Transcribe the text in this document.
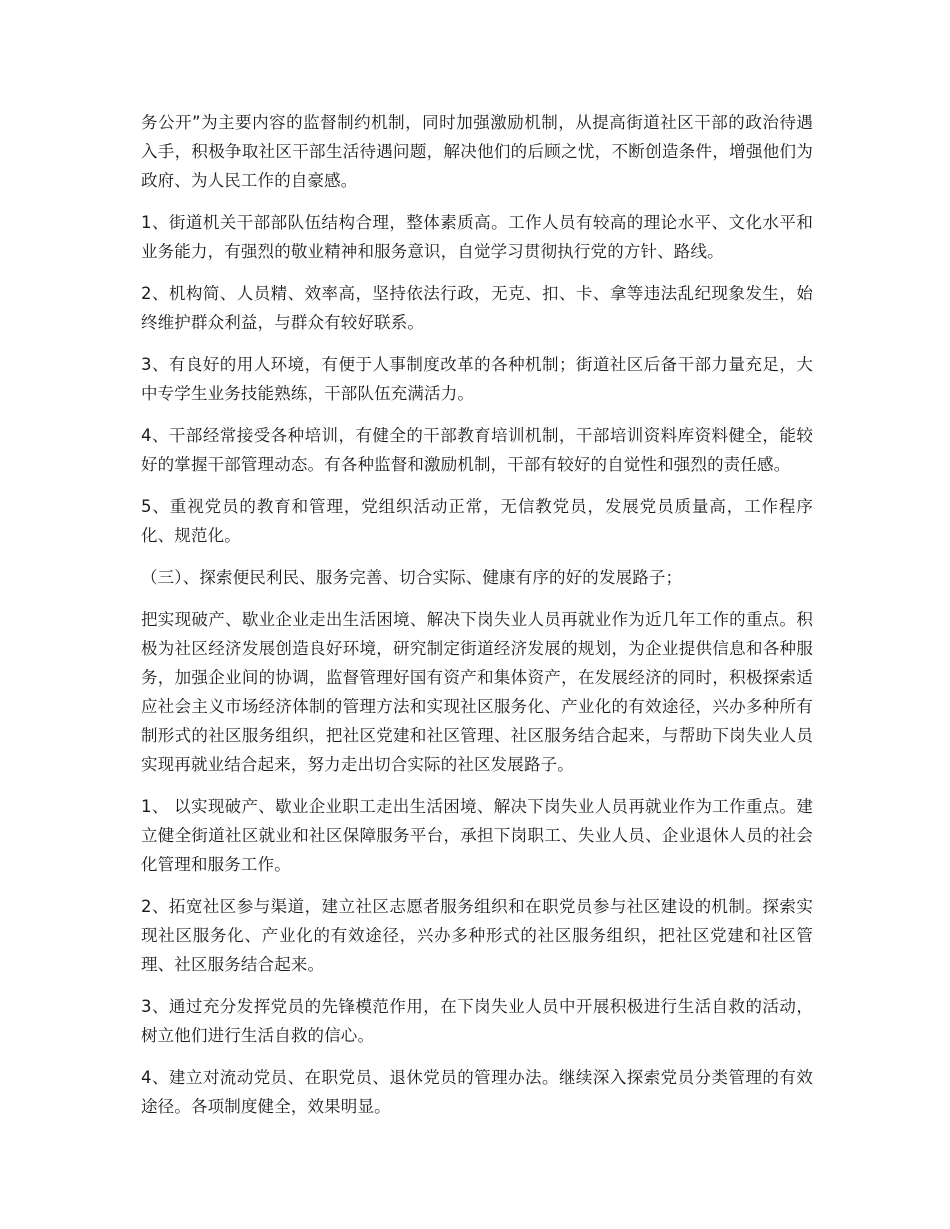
务公开”为主要内容的监督制约机制，同时加强激励机制，从提高街道社区干部的政治待遇入手，积极争取社区干部生活待遇问题，解决他们的后顾之忧，不断创造条件，增强他们为政府、为人民工作的自豪感。

1、街道机关干部部队伍结构合理，整体素质高。工作人员有较高的理论水平、文化水平和业务能力，有强烈的敬业精神和服务意识，自觉学习贯彻执行党的方针、路线。

2、机构简、人员精、效率高，坚持依法行政，无克、扣、卡、拿等违法乱纪现象发生，始终维护群众利益，与群众有较好联系。

3、有良好的用人环境，有便于人事制度改革的各种机制；街道社区后备干部力量充足，大中专学生业务技能熟练，干部队伍充满活力。

4、干部经常接受各种培训，有健全的干部教育培训机制，干部培训资料库资料健全，能较好的掌握干部管理动态。有各种监督和激励机制，干部有较好的自觉性和强烈的责任感。

5、重视党员的教育和管理，党组织活动正常，无信教党员，发展党员质量高，工作程序化、规范化。

（三）、探索便民利民、服务完善、切合实际、健康有序的好的发展路子；

把实现破产、歇业企业走出生活困境、解决下岗失业人员再就业作为近几年工作的重点。积极为社区经济发展创造良好环境，研究制定街道经济发展的规划，为企业提供信息和各种服务，加强企业间的协调，监督管理好国有资产和集体资产，在发展经济的同时，积极探索适应社会主义市场经济体制的管理方法和实现社区服务化、产业化的有效途径，兴办多种所有制形式的社区服务组织，把社区党建和社区管理、社区服务结合起来，与帮助下岗失业人员实现再就业结合起来，努力走出切合实际的社区发展路子。

1、 以实现破产、歇业企业职工走出生活困境、解决下岗失业人员再就业作为工作重点。建立健全街道社区就业和社区保障服务平台，承担下岗职工、失业人员、企业退休人员的社会化管理和服务工作。

2、拓宽社区参与渠道，建立社区志愿者服务组织和在职党员参与社区建设的机制。探索实现社区服务化、产业化的有效途径，兴办多种形式的社区服务组织，把社区党建和社区管理、社区服务结合起来。

3、通过充分发挥党员的先锋模范作用，在下岗失业人员中开展积极进行生活自救的活动，树立他们进行生活自救的信心。

4、建立对流动党员、在职党员、退休党员的管理办法。继续深入探索党员分类管理的有效途径。各项制度健全，效果明显。
